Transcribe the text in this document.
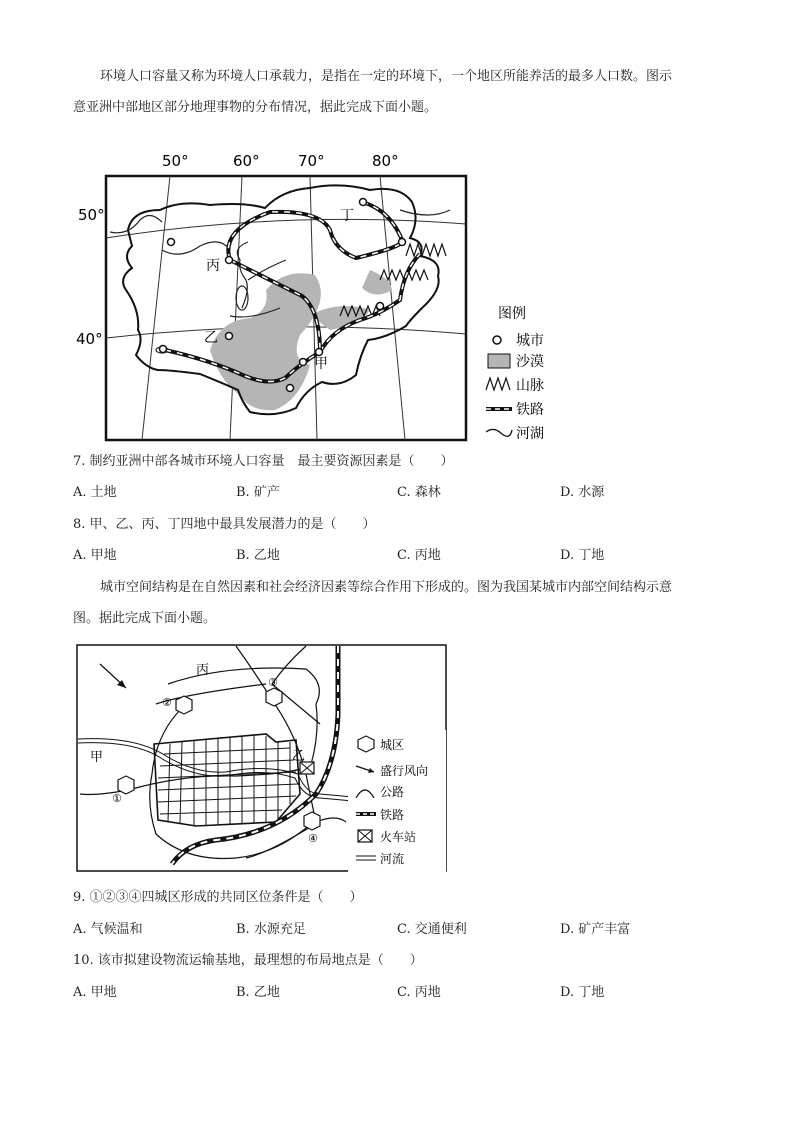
环境人口容量又称为环境人口承载力，是指在一定的环境下，一个地区所能养活的最多人口数。图示
意亚洲中部地区部分地理事物的分布情况，据此完成下面小题。
50°	60°	70°	80°
50°
40°
丁
丙
乙
甲
图例
城市
沙漠
山脉
铁路
河湖
7. 制约亚洲中部各城市环境人口容量　最主要资源因素是（　　）
A. 土地	B. 矿产	C. 森林	D. 水源
8. 甲、乙、丙、丁四地中最具发展潜力的是（　　）
A. 甲地	B. 乙地	C. 丙地	D. 丁地
城市空间结构是在自然因素和社会经济因素等综合作用下形成的。图为我国某城市内部空间结构示意
图。据此完成下面小题。
丙
甲	乙
①
②
③
④
城区
盛行风向
公路
铁路
火车站
河流
9. ①②③④四城区形成的共同区位条件是（　　）
A. 气候温和	B. 水源充足	C. 交通便利	D. 矿产丰富
10. 该市拟建设物流运输基地，最理想的布局地点是（　　）
A. 甲地	B. 乙地	C. 丙地	D. 丁地
